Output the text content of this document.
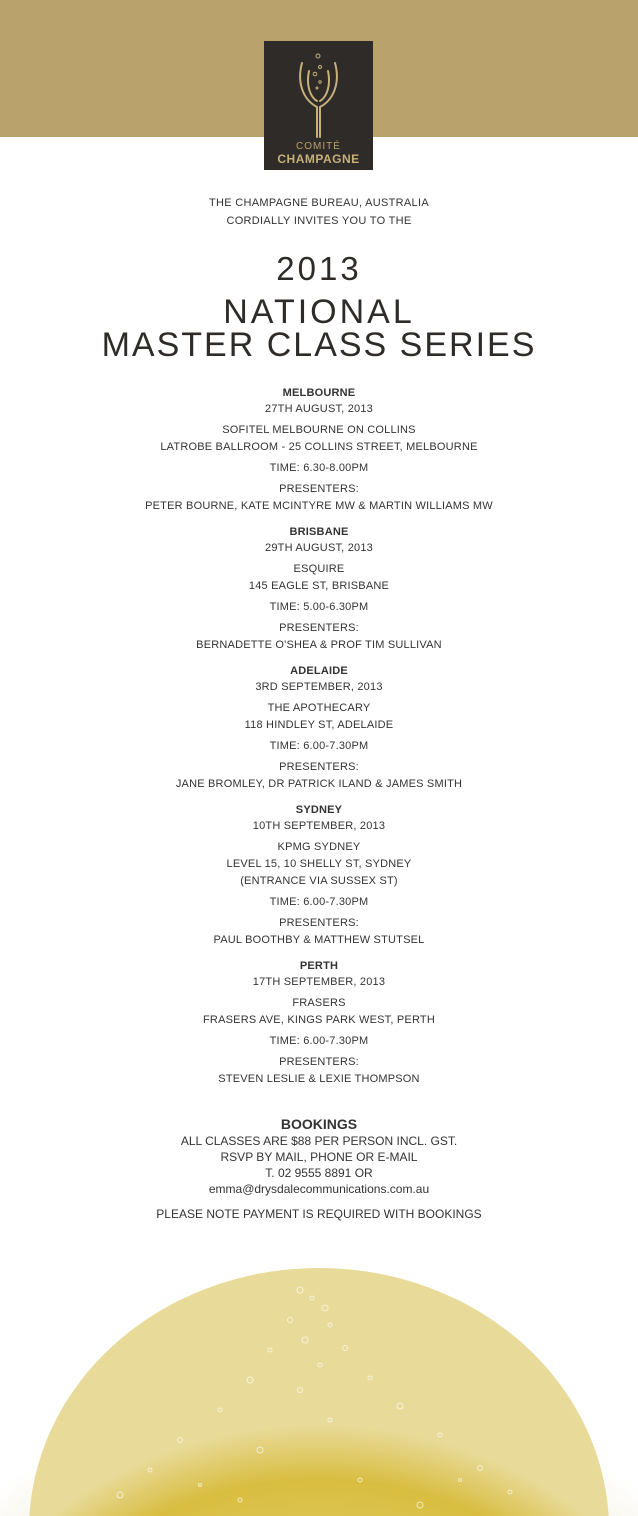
COMITÉ
CHAMPAGNE
THE CHAMPAGNE BUREAU, AUSTRALIA
CORDIALLY INVITES YOU TO THE
2013
NATIONAL
MASTER CLASS SERIES
MELBOURNE
27TH AUGUST, 2013
SOFITEL MELBOURNE ON COLLINS
LATROBE BALLROOM - 25 COLLINS STREET, MELBOURNE
TIME: 6.30-8.00PM
PRESENTERS:
PETER BOURNE, KATE MCINTYRE MW & MARTIN WILLIAMS MW
BRISBANE
29TH AUGUST, 2013
ESQUIRE
145 EAGLE ST, BRISBANE
TIME: 5.00-6.30PM
PRESENTERS:
BERNADETTE O'SHEA & PROF TIM SULLIVAN
ADELAIDE
3RD SEPTEMBER, 2013
THE APOTHECARY
118 HINDLEY ST, ADELAIDE
TIME: 6.00-7.30PM
PRESENTERS:
JANE BROMLEY, DR PATRICK ILAND & JAMES SMITH
SYDNEY
10TH SEPTEMBER, 2013
KPMG SYDNEY
LEVEL 15, 10 SHELLY ST, SYDNEY
(ENTRANCE VIA SUSSEX ST)
TIME: 6.00-7.30PM
PRESENTERS:
PAUL BOOTHBY & MATTHEW STUTSEL
PERTH
17TH SEPTEMBER, 2013
FRASERS
FRASERS AVE, KINGS PARK WEST, PERTH
TIME: 6.00-7.30PM
PRESENTERS:
STEVEN LESLIE & LEXIE THOMPSON
BOOKINGS
ALL CLASSES ARE $88 PER PERSON INCL. GST.
RSVP BY MAIL, PHONE OR E-MAIL
T. 02 9555 8891 OR
emma@drysdalecommunications.com.au
PLEASE NOTE PAYMENT IS REQUIRED WITH BOOKINGS
